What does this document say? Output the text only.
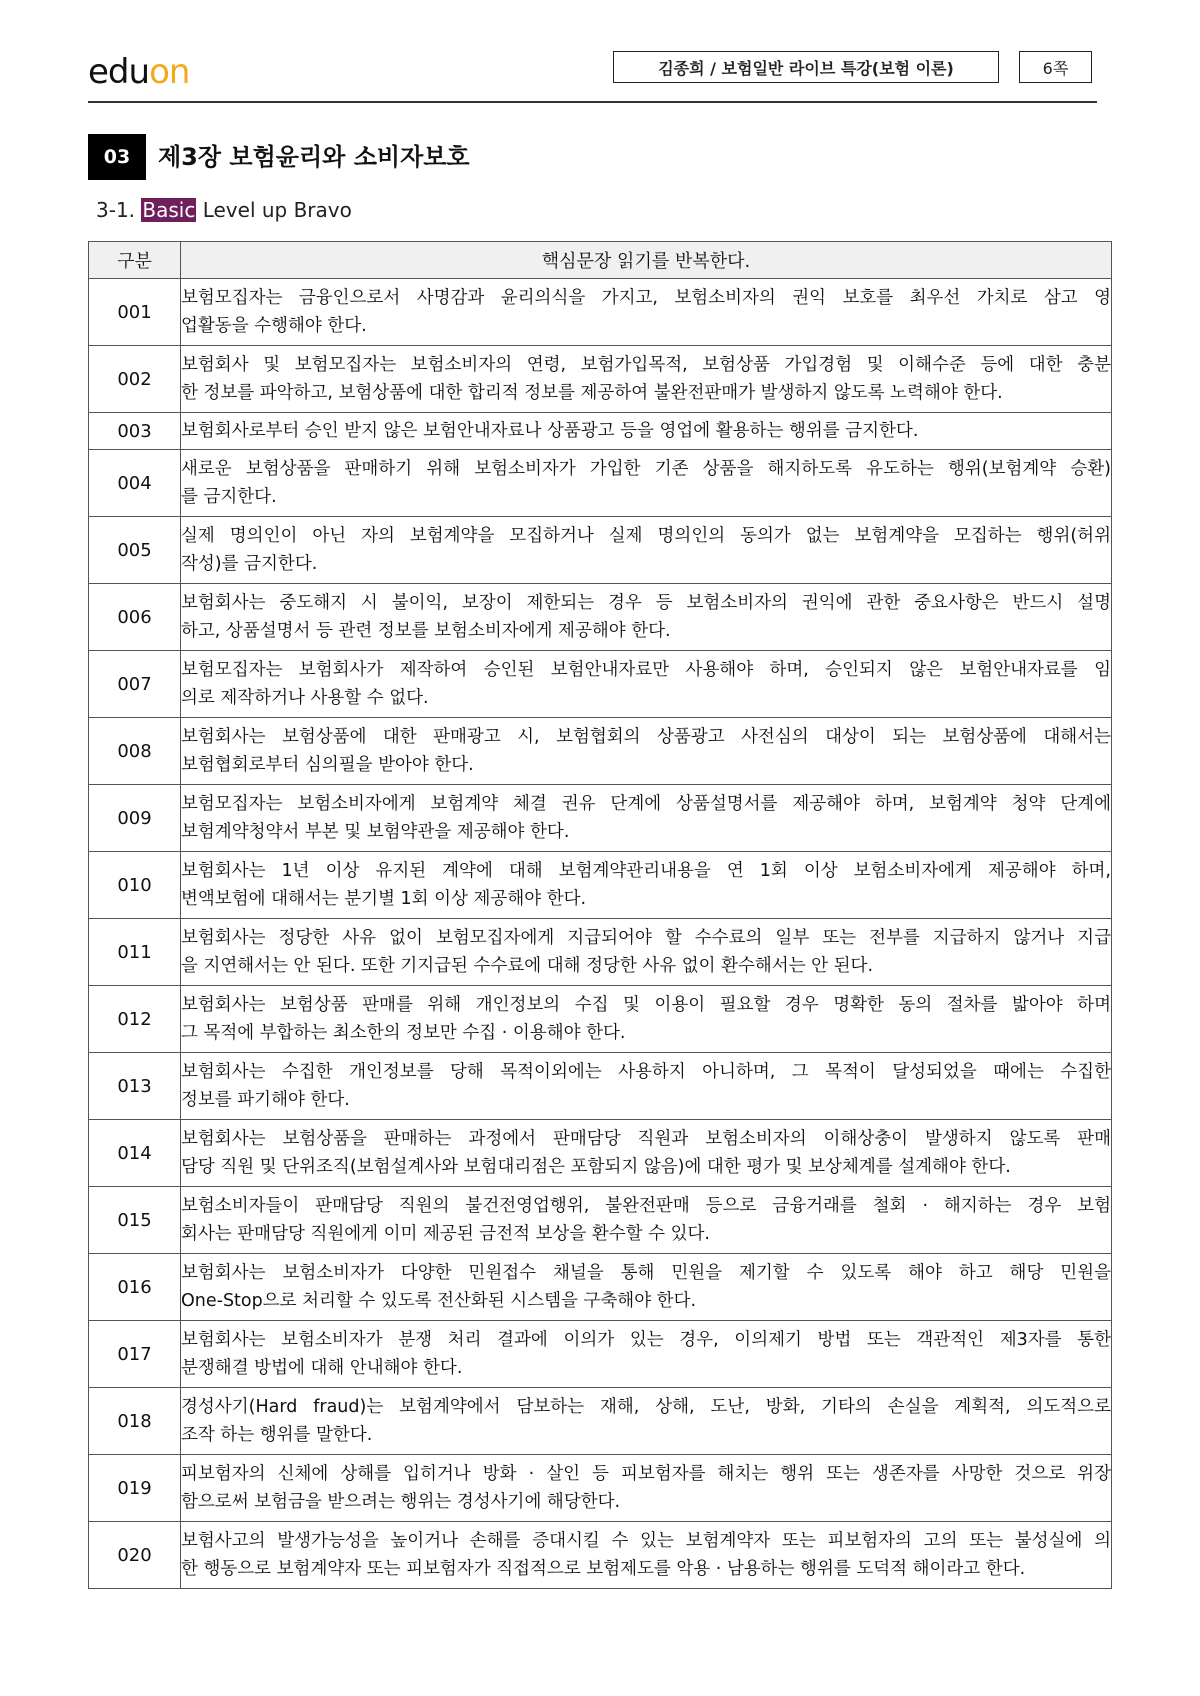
eduon	김종희 / 보험일반 라이브 특강(보험 이론)	6쪽
03	제3장 보험윤리와 소비자보호
3-1. Basic Level up Bravo
구분	핵심문장 읽기를 반복한다.
001	보험모집자는 금융인으로서 사명감과 윤리의식을 가지고, 보험소비자의 권익 보호를 최우선 가치로 삼고 영
업활동을 수행해야 한다.

002	보험회사 및 보험모집자는 보험소비자의 연령, 보험가입목적, 보험상품 가입경험 및 이해수준 등에 대한 충분
한 정보를 파악하고, 보험상품에 대한 합리적 정보를 제공하여 불완전판매가 발생하지 않도록 노력해야 한다.

003	보험회사로부터 승인 받지 않은 보험안내자료나 상품광고 등을 영업에 활용하는 행위를 금지한다.

004	새로운 보험상품을 판매하기 위해 보험소비자가 가입한 기존 상품을 해지하도록 유도하는 행위(보험계약 승환)
를 금지한다.

005	실제 명의인이 아닌 자의 보험계약을 모집하거나 실제 명의인의 동의가 없는 보험계약을 모집하는 행위(허위
작성)를 금지한다.

006	보험회사는 중도해지 시 불이익, 보장이 제한되는 경우 등 보험소비자의 권익에 관한 중요사항은 반드시 설명
하고, 상품설명서 등 관련 정보를 보험소비자에게 제공해야 한다.

007	보험모집자는 보험회사가 제작하여 승인된 보험안내자료만 사용해야 하며, 승인되지 않은 보험안내자료를 임
의로 제작하거나 사용할 수 없다.

008	보험회사는 보험상품에 대한 판매광고 시, 보험협회의 상품광고 사전심의 대상이 되는 보험상품에 대해서는
보험협회로부터 심의필을 받아야 한다.

009	보험모집자는 보험소비자에게 보험계약 체결 권유 단계에 상품설명서를 제공해야 하며, 보험계약 청약 단계에
보험계약청약서 부본 및 보험약관을 제공해야 한다.

010	보험회사는 1년 이상 유지된 계약에 대해 보험계약관리내용을 연 1회 이상 보험소비자에게 제공해야 하며,
변액보험에 대해서는 분기별 1회 이상 제공해야 한다.

011	보험회사는 정당한 사유 없이 보험모집자에게 지급되어야 할 수수료의 일부 또는 전부를 지급하지 않거나 지급
을 지연해서는 안 된다. 또한 기지급된 수수료에 대해 정당한 사유 없이 환수해서는 안 된다.

012	보험회사는 보험상품 판매를 위해 개인정보의 수집 및 이용이 필요할 경우 명확한 동의 절차를 밟아야 하며
그 목적에 부합하는 최소한의 정보만 수집 · 이용해야 한다.

013	보험회사는 수집한 개인정보를 당해 목적이외에는 사용하지 아니하며, 그 목적이 달성되었을 때에는 수집한
정보를 파기해야 한다.

014	보험회사는 보험상품을 판매하는 과정에서 판매담당 직원과 보험소비자의 이해상충이 발생하지 않도록 판매
담당 직원 및 단위조직(보험설계사와 보험대리점은 포함되지 않음)에 대한 평가 및 보상체계를 설계해야 한다.

015	보험소비자들이 판매담당 직원의 불건전영업행위, 불완전판매 등으로 금융거래를 철회 · 해지하는 경우 보험
회사는 판매담당 직원에게 이미 제공된 금전적 보상을 환수할 수 있다.

016	보험회사는 보험소비자가 다양한 민원접수 채널을 통해 민원을 제기할 수 있도록 해야 하고 해당 민원을
One-Stop으로 처리할 수 있도록 전산화된 시스템을 구축해야 한다.

017	보험회사는 보험소비자가 분쟁 처리 결과에 이의가 있는 경우, 이의제기 방법 또는 객관적인 제3자를 통한
분쟁해결 방법에 대해 안내해야 한다.

018	경성사기(Hard fraud)는 보험계약에서 담보하는 재해, 상해, 도난, 방화, 기타의 손실을 계획적, 의도적으로
조작 하는 행위를 말한다.

019	피보험자의 신체에 상해를 입히거나 방화 · 살인 등 피보험자를 해치는 행위 또는 생존자를 사망한 것으로 위장
함으로써 보험금을 받으려는 행위는 경성사기에 해당한다.

020	보험사고의 발생가능성을 높이거나 손해를 증대시킬 수 있는 보험계약자 또는 피보험자의 고의 또는 불성실에 의
한 행동으로 보험계약자 또는 피보험자가 직접적으로 보험제도를 악용 · 남용하는 행위를 도덕적 해이라고 한다.
